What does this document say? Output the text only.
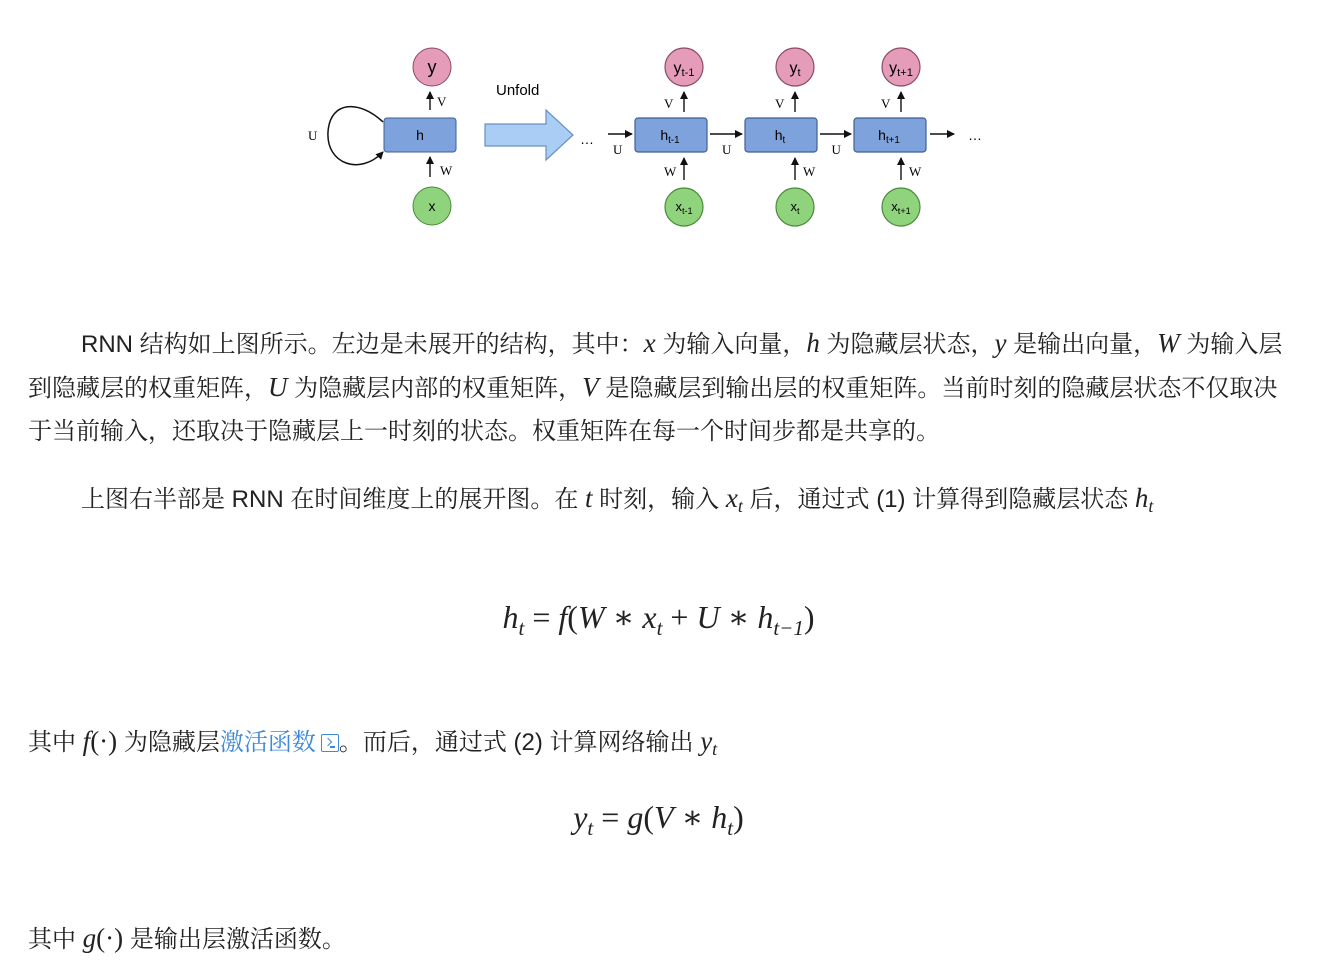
U
y
V
h
W
x
Unfold
…
U
yt-1
V
$h_{t-1}$
W
$x_{t-1}$
U
yt
V
$h_t$
W
$x_t$
U
yt+1
V
$h_{t+1}$
W
$x_{t+1}$
…
RNN 结构如上图所示。左边是未展开的结构，其中：x 为输入向量，h 为隐藏层状态，y 是输出向量，W 为输入层到隐藏层的权重矩阵，U 为隐藏层内部的权重矩阵，V 是隐藏层到输出层的权重矩阵。当前时刻的隐藏层状态不仅取决于当前输入，还取决于隐藏层上一时刻的状态。权重矩阵在每一个时间步都是共享的。
上图右半部是 RNN 在时间维度上的展开图。在 t 时刻，输入 $x_t$ 后，通过式 (1) 计算得到隐藏层状态 $h_t$

$h_t = f(W$ ∗ $x_t + U$ ∗ $h_{t-1}$)
其中 f(·) 为隐藏层激活函数 。而后，通过式 (2) 计算网络输出 $y_t$
$y_t = g(V$ ∗ $h_t$)
其中 g(·) 是输出层激活函数。
